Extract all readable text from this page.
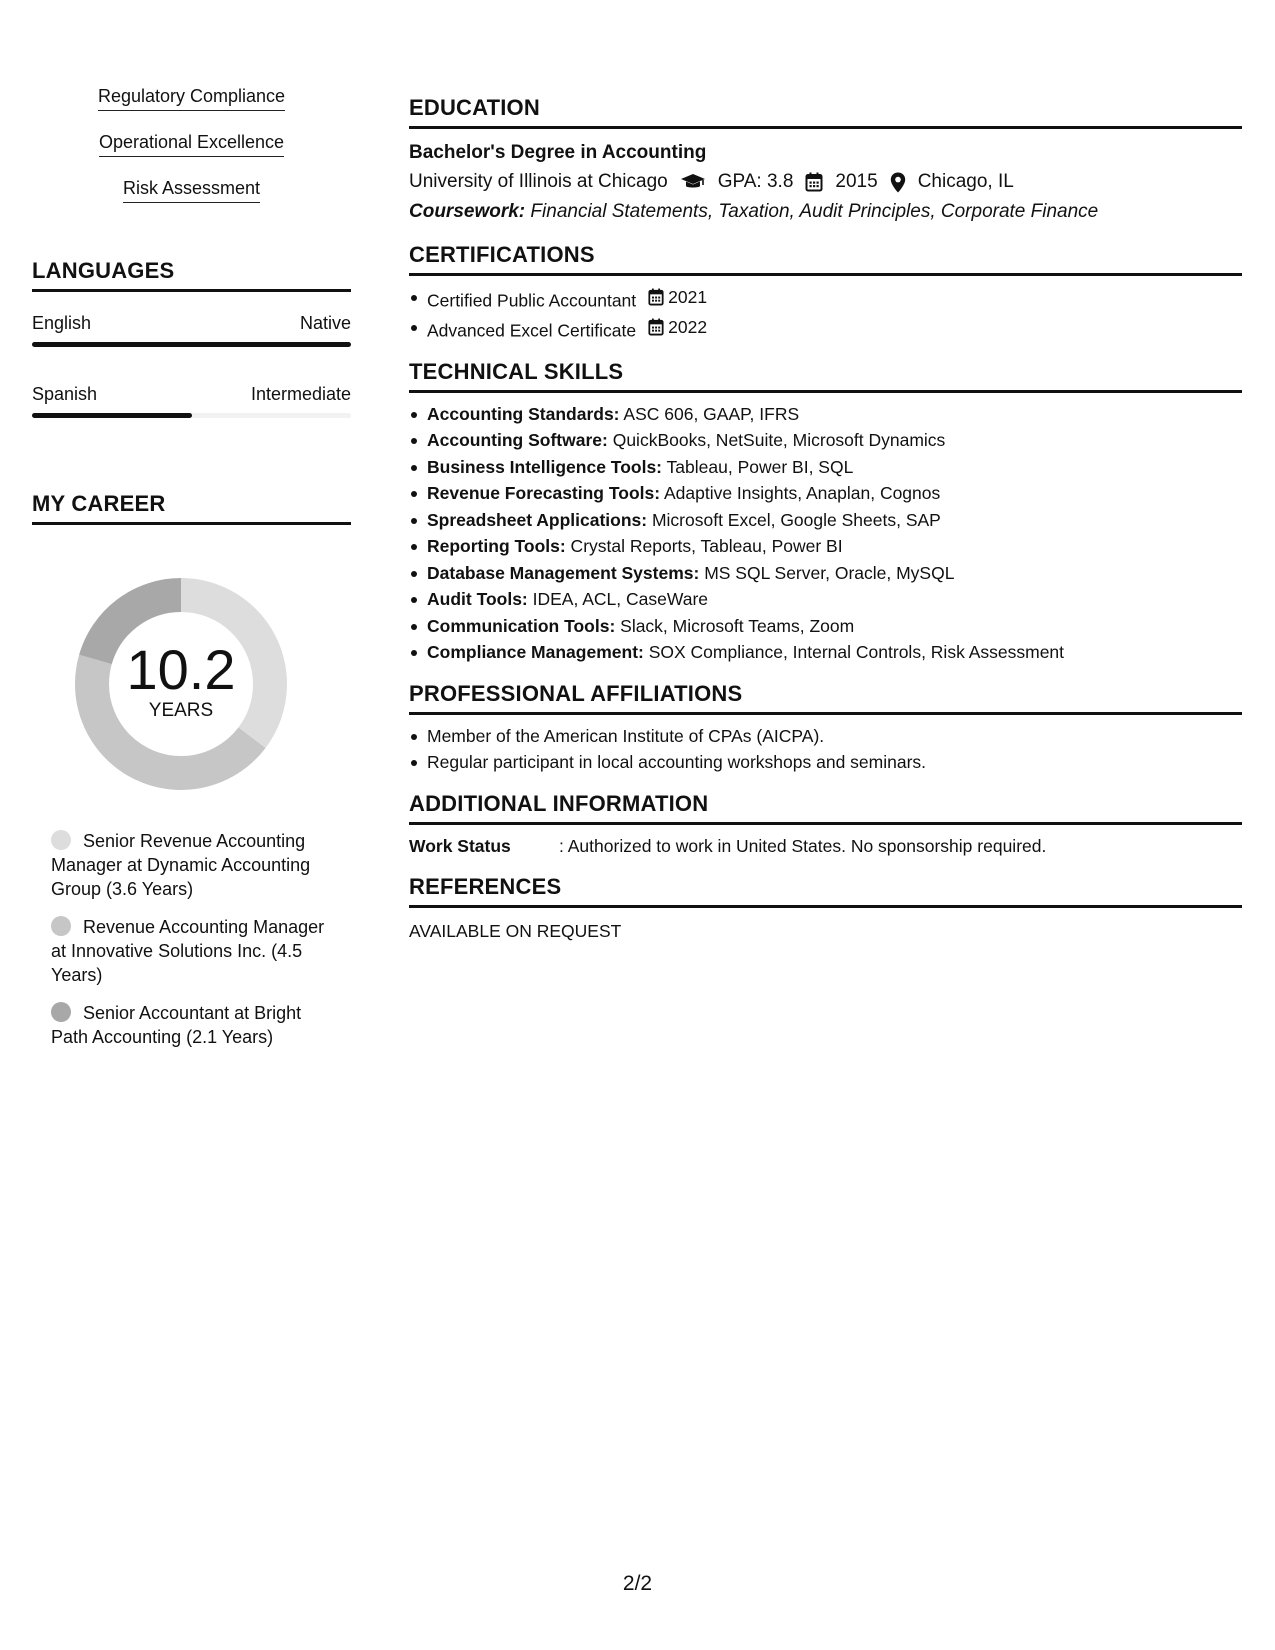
Regulatory Compliance
Operational Excellence
Risk Assessment
LANGUAGES
English	Native
Spanish	Intermediate
MY CAREER
10.2
YEARS
Senior Revenue Accounting Manager at Dynamic Accounting Group (3.6 Years)
Revenue Accounting Manager at Innovative Solutions Inc. (4.5 Years)
Senior Accountant at Bright Path Accounting (2.1 Years)
EDUCATION
Bachelor's Degree in Accounting
University of Illinois at Chicago	GPA: 3.8 2015 Chicago, IL
Coursework: Financial Statements, Taxation, Audit Principles, Corporate Finance
CERTIFICATIONS
Certified Public Accountant 2021
Advanced Excel Certificate 2022
TECHNICAL SKILLS
Accounting Standards: ASC 606, GAAP, IFRS
Accounting Software: QuickBooks, NetSuite, Microsoft Dynamics
Business Intelligence Tools: Tableau, Power BI, SQL
Revenue Forecasting Tools: Adaptive Insights, Anaplan, Cognos
Spreadsheet Applications: Microsoft Excel, Google Sheets, SAP
Reporting Tools: Crystal Reports, Tableau, Power BI
Database Management Systems: MS SQL Server, Oracle, MySQL
Audit Tools: IDEA, ACL, CaseWare
Communication Tools: Slack, Microsoft Teams, Zoom
Compliance Management: SOX Compliance, Internal Controls, Risk Assessment
PROFESSIONAL AFFILIATIONS
Member of the American Institute of CPAs (AICPA).
Regular participant in local accounting workshops and seminars.
ADDITIONAL INFORMATION
Work Status	: Authorized to work in United States. No sponsorship required.
REFERENCES
AVAILABLE ON REQUEST
2/2
